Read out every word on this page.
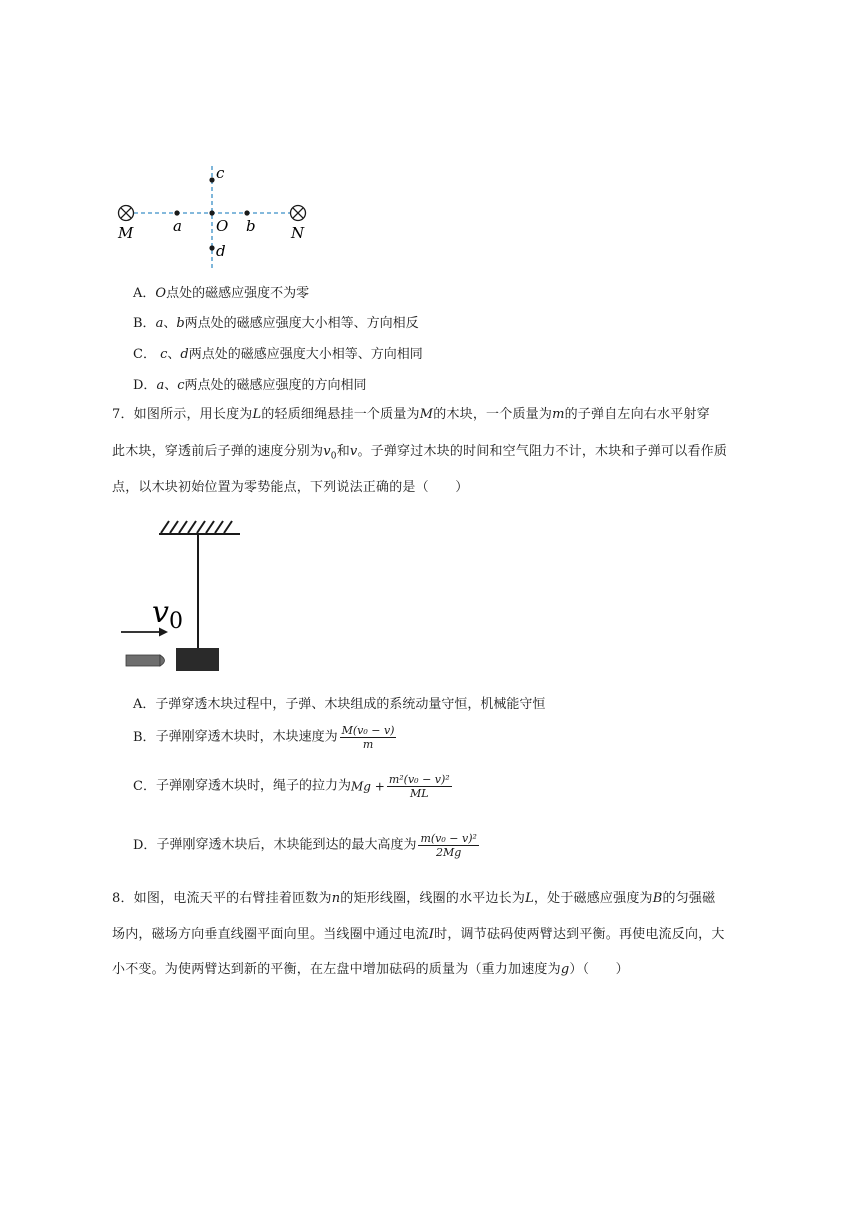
c
M	a O b N
d
A．O点处的磁感应强度不为零
B．a、b两点处的磁感应强度大小相等、方向相反
C． c、d两点处的磁感应强度大小相等、方向相同
D．a、c两点处的磁感应强度的方向相同
7．如图所示，用长度为L的轻质细绳悬挂一个质量为M的木块，一个质量为m的子弹自左向右水平射穿
此木块，穿透前后子弹的速度分别为$v_0$和v。子弹穿过木块的时间和空气阻力不计，木块和子弹可以看作质
点，以木块初始位置为零势能点，下列说法正确的是（　　）
$v_0$
A．子弹穿透木块过程中，子弹、木块组成的系统动量守恒，机械能守恒
B．子弹刚穿透木块时，木块速度为 $\frac{\text{M(v₀ − v)}}{m}$
C．子弹刚穿透木块时，绳子的拉力为$Mg + \frac{\text{m²(v₀ − v)²}}{ML}$
D．子弹刚穿透木块后，木块能到达的最大高度为 $\frac{\text{m(v₀ − v)²}}{2Mg}$
8．如图，电流天平的右臂挂着匝数为n的矩形线圈，线圈的水平边长为L，处于磁感应强度为B的匀强磁
场内，磁场方向垂直线圈平面向里。当线圈中通过电流I时，调节砝码使两臂达到平衡。再使电流反向，大
小不变。为使两臂达到新的平衡，在左盘中增加砝码的质量为（重力加速度为g）（　　）
